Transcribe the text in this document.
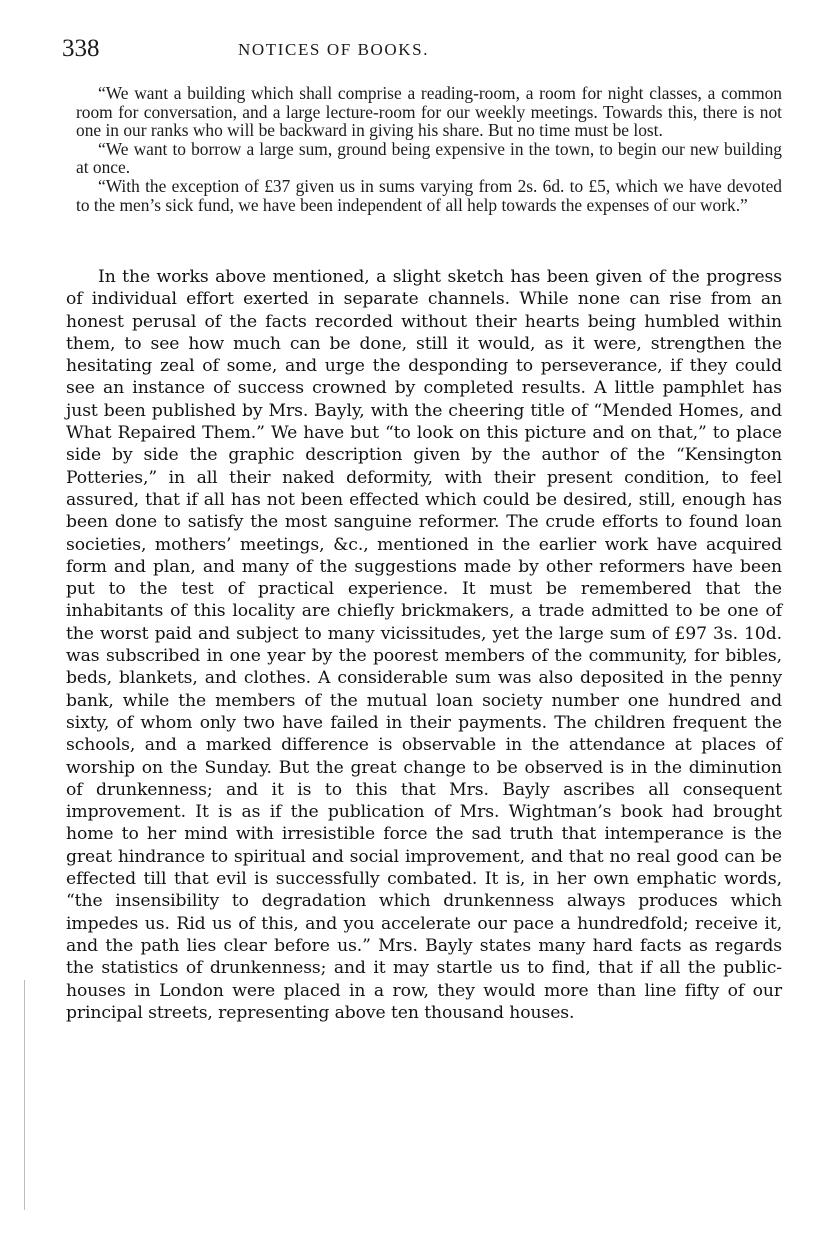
338	NOTICES OF BOOKS.

“We want a building which shall comprise a reading-room, a room for night classes, a common room for conversation, and a large lecture-room for our weekly meetings. Towards this, there is not one in our ranks who will be backward in giving his share. But no time must be lost.

“We want to borrow a large sum, ground being expensive in the town, to begin our new building at once.

“With the exception of £37 given us in sums varying from 2s. 6d. to £5, which we have devoted to the men’s sick fund, we have been independent of all help towards the expenses of our work.”

In the works above mentioned, a slight sketch has been given of the progress of individual effort exerted in separate channels. While none can rise from an honest perusal of the facts recorded without their hearts being humbled within them, to see how much can be done, still it would, as it were, strengthen the hesitating zeal of some, and urge the desponding to perseverance, if they could see an instance of success crowned by completed results. A little pamphlet has just been published by Mrs. Bayly, with the cheering title of “Mended Homes, and What Repaired Them.” We have but “to look on this picture and on that,” to place side by side the graphic description given by the author of the “Kensington Potteries,” in all their naked deformity, with their present condition, to feel assured, that if all has not been effected which could be desired, still, enough has been done to satisfy the most sanguine reformer. The crude efforts to found loan societies, mothers’ meetings, &c., mentioned in the earlier work have acquired form and plan, and many of the suggestions made by other reformers have been put to the test of practical experience. It must be remembered that the inhabitants of this locality are chiefly brickmakers, a trade admitted to be one of the worst paid and subject to many vicissitudes, yet the large sum of £97 3s. 10d. was subscribed in one year by the poorest members of the community, for bibles, beds, blankets, and clothes. A considerable sum was also deposited in the penny bank, while the members of the mutual loan society number one hundred and sixty, of whom only two have failed in their payments. The children frequent the schools, and a marked difference is observable in the attendance at places of worship on the Sunday. But the great change to be observed is in the diminution of drunkenness; and it is to this that Mrs. Bayly ascribes all consequent improvement. It is as if the publication of Mrs. Wightman’s book had brought home to her mind with irresistible force the sad truth that intemperance is the great hindrance to spiritual and social improvement, and that no real good can be effected till that evil is successfully combated. It is, in her own emphatic words, “the insensibility to degradation which drunkenness always produces which impedes us. Rid us of this, and you accelerate our pace a hundredfold; receive it, and the path lies clear before us.” Mrs. Bayly states many hard facts as regards the statistics of drunkenness; and it may startle us to find, that if all the public-houses in London were placed in a row, they would more than line fifty of our principal streets, representing above ten thousand houses.
